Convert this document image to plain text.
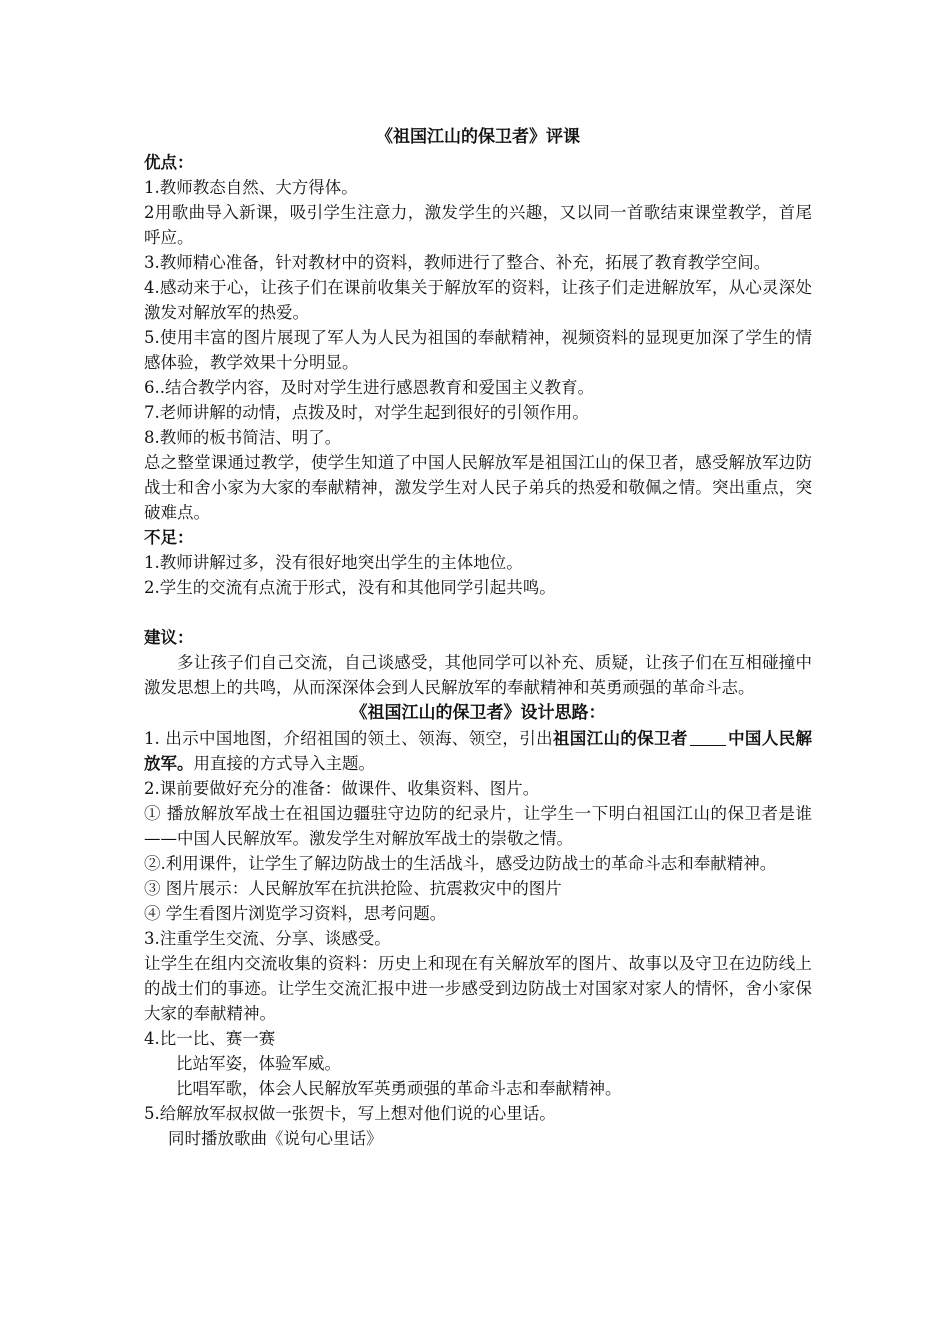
《祖国江山的保卫者》评课
优点：
1.教师教态自然、大方得体。
2用歌曲导入新课，吸引学生注意力，激发学生的兴趣，又以同一首歌结束课堂教学，首尾呼应。
3.教师精心准备，针对教材中的资料，教师进行了整合、补充，拓展了教育教学空间。
4.感动来于心，让孩子们在课前收集关于解放军的资料，让孩子们走进解放军，从心灵深处激发对解放军的热爱。
5.使用丰富的图片展现了军人为人民为祖国的奉献精神，视频资料的显现更加深了学生的情感体验，教学效果十分明显。
6..结合教学内容，及时对学生进行感恩教育和爱国主义教育。
7.老师讲解的动情，点拨及时，对学生起到很好的引领作用。
8.教师的板书简洁、明了。
总之整堂课通过教学，使学生知道了中国人民解放军是祖国江山的保卫者，感受解放军边防战士和舍小家为大家的奉献精神，激发学生对人民子弟兵的热爱和敬佩之情。突出重点，突破难点。
不足：
1.教师讲解过多，没有很好地突出学生的主体地位。
2.学生的交流有点流于形式，没有和其他同学引起共鸣。
建议：
多让孩子们自己交流，自己谈感受，其他同学可以补充、质疑，让孩子们在互相碰撞中激发思想上的共鸣，从而深深体会到人民解放军的奉献精神和英勇顽强的革命斗志。
《祖国江山的保卫者》设计思路：
1. 出示中国地图，介绍祖国的领土、领海、领空，引出祖国江山的保卫者 中国人民解放军。用直接的方式导入主题。
2.课前要做好充分的准备：做课件、收集资料、图片。
① 播放解放军战士在祖国边疆驻守边防的纪录片，让学生一下明白祖国江山的保卫者是谁——中国人民解放军。激发学生对解放军战士的崇敬之情。
②.利用课件，让学生了解边防战士的生活战斗，感受边防战士的革命斗志和奉献精神。
③ 图片展示：人民解放军在抗洪抢险、抗震救灾中的图片
④ 学生看图片浏览学习资料，思考问题。
3.注重学生交流、分享、谈感受。
让学生在组内交流收集的资料：历史上和现在有关解放军的图片、故事以及守卫在边防线上的战士们的事迹。让学生交流汇报中进一步感受到边防战士对国家对家人的情怀，舍小家保大家的奉献精神。
4.比一比、赛一赛
比站军姿，体验军威。
比唱军歌，体会人民解放军英勇顽强的革命斗志和奉献精神。
5.给解放军叔叔做一张贺卡，写上想对他们说的心里话。
同时播放歌曲《说句心里话》
